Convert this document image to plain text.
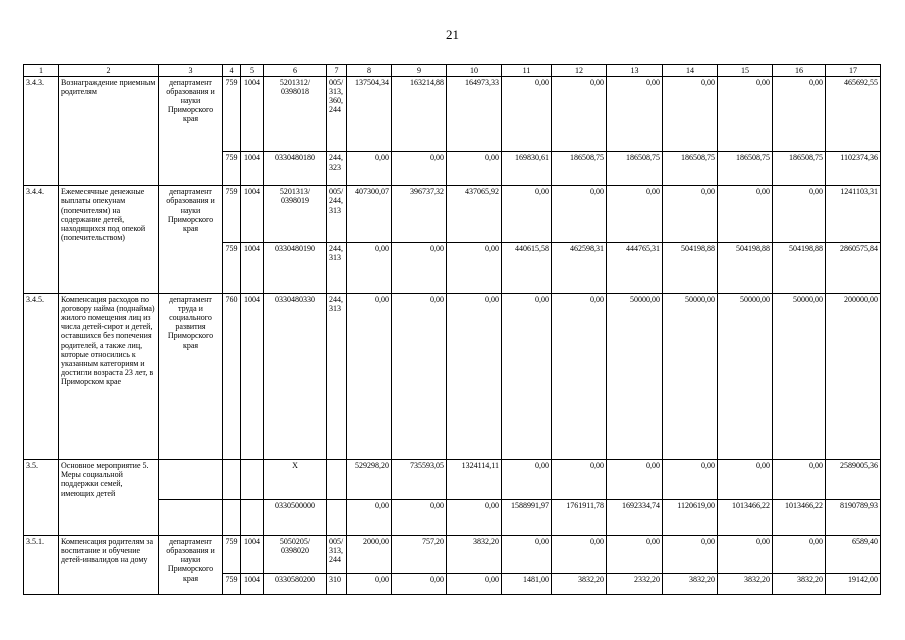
21
1	2	3	4	5	6	7	8	9	10	11	12	13	14	15	16	17
3.4.3.	Вознаграждение приемным родителям	департамент образования и науки Приморского края	759	1004	5201312/ 0398018	005/ 313, 360, 244	137504,34	163214,88	164973,33	0,00	0,00	0,00	0,00	0,00	0,00	465692,55
			759	1004	0330480180	244, 323	0,00	0,00	0,00	169830,61	186508,75	186508,75	186508,75	186508,75	186508,75	1102374,36
3.4.4.	Ежемесячные денежные выплаты опекунам (попечителям) на содержание детей, находящихся под опекой (попечительством)	департамент образования и науки Приморского края	759	1004	5201313/ 0398019	005/ 244, 313	407300,07	396737,32	437065,92	0,00	0,00	0,00	0,00	0,00	0,00	1241103,31
			759	1004	0330480190	244, 313	0,00	0,00	0,00	440615,58	462598,31	444765,31	504198,88	504198,88	504198,88	2860575,84
3.4.5.	Компенсация расходов по договору найма (поднайма) жилого помещения лиц из числа детей-сирот и детей, оставшихся без попечения родителей, а также лиц, которые относились к указанным категориям и достигли возраста 23 лет, в Приморском крае	департамент труда и социального развития Приморского края	760	1004	0330480330	244, 313	0,00	0,00	0,00	0,00	0,00	50000,00	50000,00	50000,00	50000,00	200000,00
3.5.	Основное мероприятие 5. Меры социальной поддержки семей, имеющих детей				X		529298,20	735593,05	1324114,11	0,00	0,00	0,00	0,00	0,00	0,00	2589005,36
					0330500000		0,00	0,00	0,00	1588991,97	1761911,78	1692334,74	1120619,00	1013466,22	1013466,22	8190789,93
3.5.1.	Компенсация родителям за воспитание и обучение детей-инвалидов на дому	департамент образования и науки Приморского края	759	1004	5050205/ 0398020	005/ 313, 244	2000,00	757,20	3832,20	0,00	0,00	0,00	0,00	0,00	0,00	6589,40
			759	1004	0330580200	310	0,00	0,00	0,00	1481,00	3832,20	2332,20	3832,20	3832,20	3832,20	19142,00
